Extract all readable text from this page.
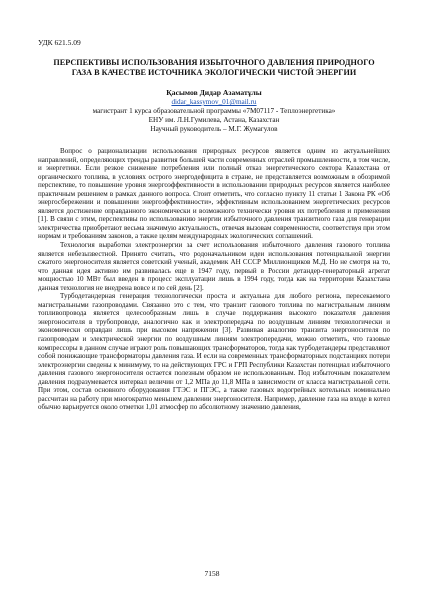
УДК 621.5.09

ПЕРСПЕКТИВЫ ИСПОЛЬЗОВАНИЯ ИЗБЫТОЧНОГО ДАВЛЕНИЯ ПРИРОДНОГО ГАЗА В КАЧЕСТВЕ ИСТОЧНИКА ЭКОЛОГИЧЕСКИ ЧИСТОЙ ЭНЕРГИИ

Қасымов Дидар Азаматұлы

didar_kassymov_01@mail.ru

магистрант 1 курса образовательной программы «7М07117 - Теплоэнергетика»

ЕНУ им. Л.Н.Гумилева, Астана, Казахстан

Научный руководитель – М.Г. Жумагулов

Вопрос о рационализации использования природных ресурсов является одним из актуальнейших направлений, определяющих тренды развития большей части современных отраслей промышленности, в том числе, и энергетики. Если резкое снижение потребления или полный отказ энергетического сектора Казахстана от органического топлива, в условиях острого энергодефицита в стране, не представляется возможным в обозримой перспективе, то повышение уровня энергоэффективности в использовании природных ресурсов является наиболее практичным решением в рамках данного вопроса. Стоит отметить, что согласно пункту 11 статьи 1 Закона РК «Об энергосбережении и повышении энергоэффективности», эффективным использованием энергетических ресурсов является достижение оправданного экономически и возможного технически уровня их потребления и применения [1]. В связи с этим, перспективы по использованию энергии избыточного давления транзитного газа для генерации электричества приобретают весьма значимую актуальность, отвечая вызовам современности, соответствуя при этом нормам и требованиям законов, а также целям международных экологических соглашений.

Технология выработки электроэнергии за счет использования избыточного давления газового топлива является небезызвестной. Принято считать, что родоначальником идеи использования потенциальной энергии сжатого энергоносителя является советский ученый, академик АН СССР Миллионщиков М.Д. Но не смотря на то, что данная идея активно им развивалась еще в 1947 году, первый в России детандер-генераторный агрегат мощностью 10 МВт был введен в процесс эксплуатации лишь в 1994 году, тогда как на территории Казахстана данная технология не внедрена вовсе и по сей день [2].

Турбодетандерная генерация технологически проста и актуальна для любого региона, пересекаемого магистральными газопроводами. Связанно это с тем, что транзит газового топлива по магистральным линиям топливопровода является целесообразным лишь в случае поддержания высокого показателя давления энергоносителя в трубопроводе, аналогично как и электропередача по воздушным линиям технологически и экономически оправдан лишь при высоком напряжении [3]. Развивая аналогию транзита энергоносителя по газопроводам и электрической энергии по воздушным линиям электропередачи, можно отметить, что газовые компрессоры в данном случае играют роль повышающих трансформаторов, тогда как турбодетандеры представляют собой понижающие трансформаторы давления газа. И если на современных трансформаторных подстанциях потери электроэнергии сведены к минимуму, то на действующих ГРС и ГРП Республики Казахстан потенциал избыточного давления газового энергоносителя остается полезным образом не использованным. Под избыточным показателем давления подразумевается интервал величин от 1,2 МПа до 11,8 МПа в зависимости от класса магистральной сети. При этом, состав основного оборудования ГТЭС и ПГЭС, а также газовых водогрейных котельных номинально рассчитан на работу при многократно меньшем давлении энергоносителя. Например, давление газа на входе в котел обычно варьируется около отметки 1,01 атмосфер по абсолютному значению давления,

7158
